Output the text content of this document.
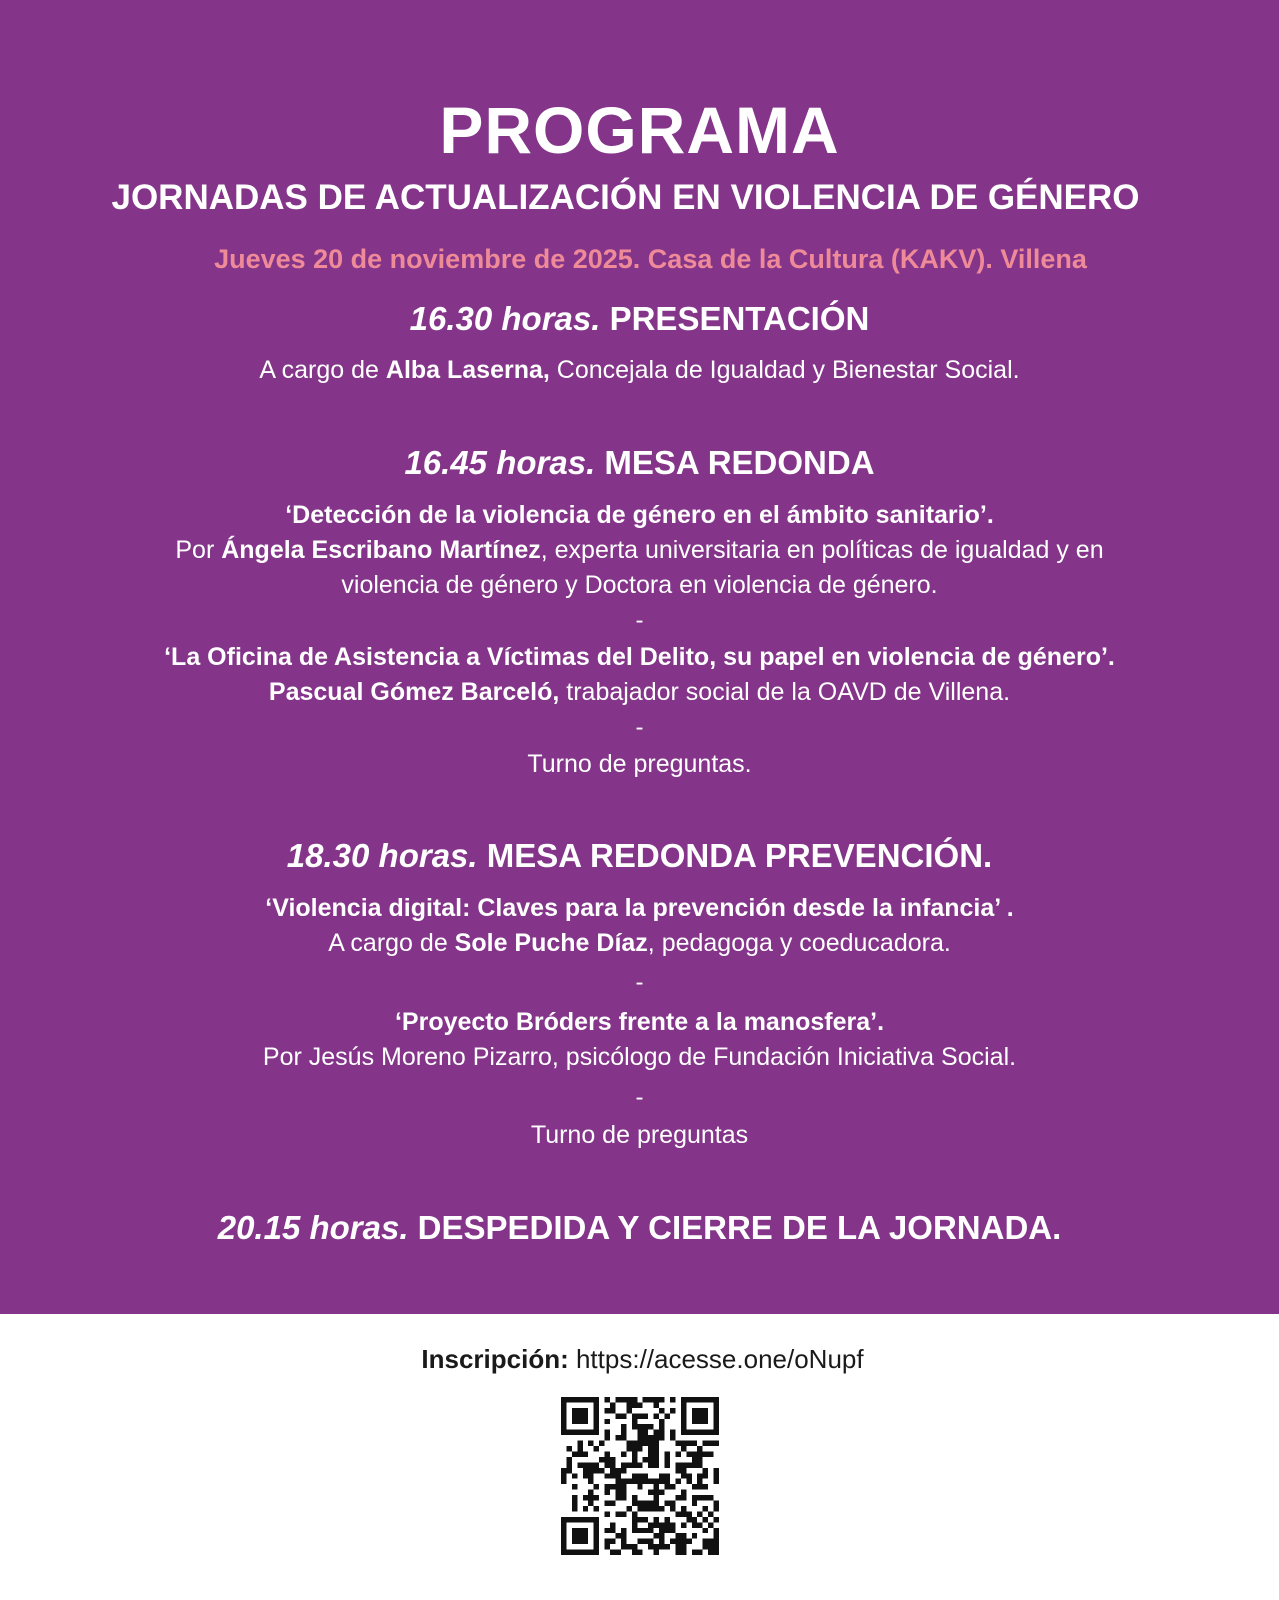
PROGRAMA
JORNADAS DE ACTUALIZACIÓN EN VIOLENCIA DE GÉNERO
Jueves 20 de noviembre de 2025. Casa de la Cultura (KAKV). Villena
16.30 horas. PRESENTACIÓN
A cargo de Alba Laserna, Concejala de Igualdad y Bienestar Social.
16.45 horas. MESA REDONDA
‘Detección de la violencia de género en el ámbito sanitario’.
Por Ángela Escribano Martínez, experta universitaria en políticas de igualdad y en
violencia de género y Doctora en violencia de género.
-
‘La Oficina de Asistencia a Víctimas del Delito, su papel en violencia de género’.
Pascual Gómez Barceló, trabajador social de la OAVD de Villena.
-
Turno de preguntas.
18.30 horas. MESA REDONDA PREVENCIÓN.
‘Violencia digital: Claves para la prevención desde la infancia’ .
A cargo de Sole Puche Díaz, pedagoga y coeducadora.
-
‘Proyecto Bróders frente a la manosfera’.
Por Jesús Moreno Pizarro, psicólogo de Fundación Iniciativa Social.
-
Turno de preguntas
20.15 horas. DESPEDIDA Y CIERRE DE LA JORNADA.
Inscripción: https://acesse.one/oNupf
